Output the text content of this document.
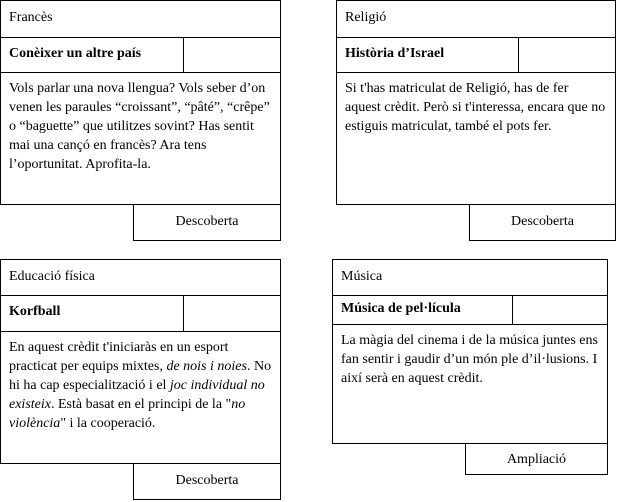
Francès
Conèixer un altre país
Vols parlar una nova llengua? Vols seber d’on venen les paraules “croissant”, “pâté”, “crêpe” o “baguette” que utilitzes sovint? Has sentit mai una cançó en francès? Ara tens l’oportunitat. Aprofita-la.
Descoberta
Religió
Història d’Israel
Si t'has matriculat de Religió, has de fer aquest crèdit. Però si t'interessa, encara que no estiguis matriculat, també el pots fer.
Descoberta
Educació física
Korfball
En aquest crèdit t'iniciaràs en un esport practicat per equips mixtes, de nois i noies. No hi ha cap especialització i el joc individual no existeix. Està basat en el principi de la "no violència" i la cooperació.
Descoberta
Música
Música de pel·lícula
La màgia del cinema i de la música juntes ens fan sentir i gaudir d’un món ple d’il·lusions. I així serà en aquest crèdit.
Ampliació
